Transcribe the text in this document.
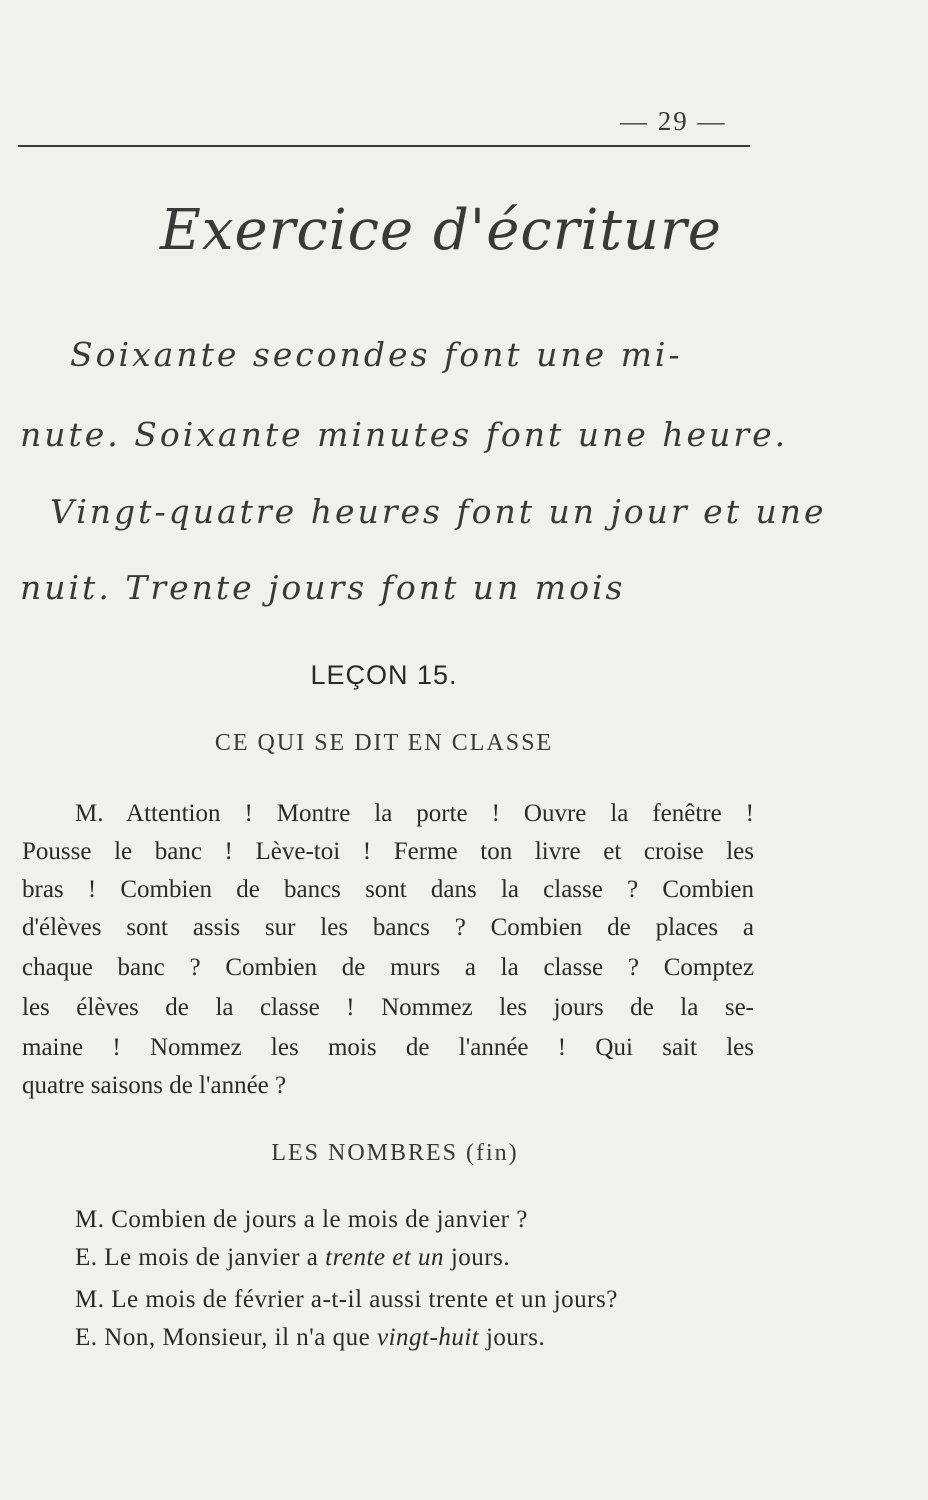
— 29 —
Exercice d'écriture

Soixante secondes font une mi-

nute. Soixante minutes font une heure.

Vingt-quatre heures font un jour et une

nuit. Trente jours font un mois

LEÇON 15.
CE QUI SE DIT EN CLASSE
M. Attention ! Montre la porte ! Ouvre la fenêtre !
Pousse le banc ! Lève-toi ! Ferme ton livre et croise les
bras ! Combien de bancs sont dans la classe ? Combien
d'élèves sont assis sur les bancs ? Combien de places a
chaque banc ? Combien de murs a la classe ? Comptez
les élèves de la classe ! Nommez les jours de la se-
maine ! Nommez les mois de l'année ! Qui sait les
quatre saisons de l'année ?
LES NOMBRES (fin)
M. Combien de jours a le mois de janvier ?
E. Le mois de janvier a trente et un jours.
M. Le mois de février a-t-il aussi trente et un jours?
E. Non, Monsieur, il n'a que vingt-huit jours.
